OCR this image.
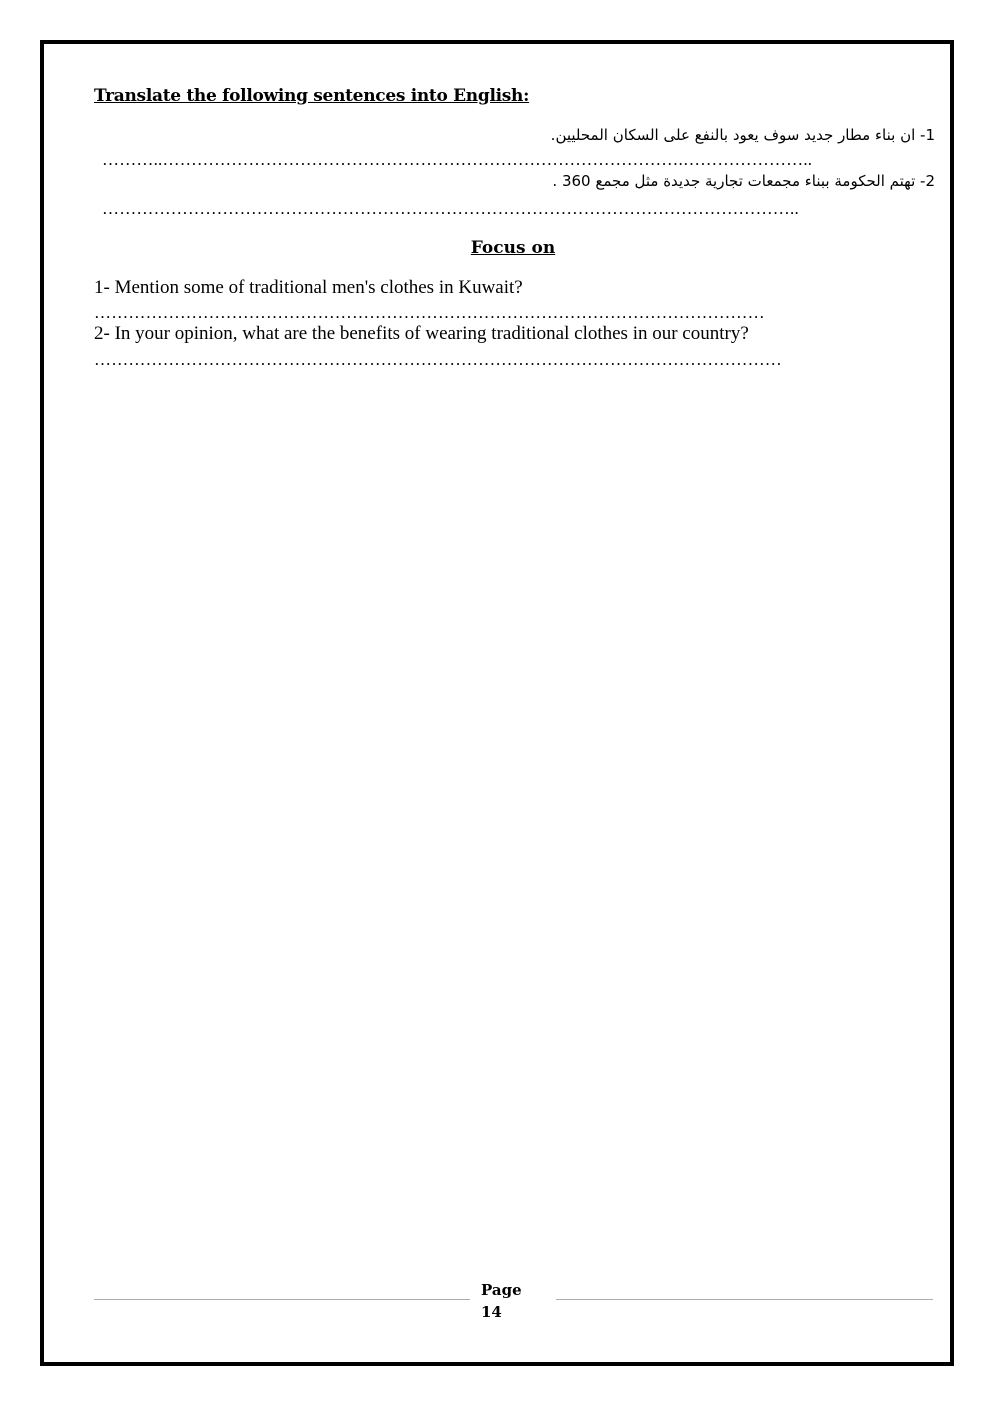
Translate the following sentences into English:
1- ان بناء مطار جديد سوف يعود بالنفع على السكان المحليين.
………..……………………………………………………………………………….…………………..
2- تهتم الحكومة ببناء مجمعات تجارية جديدة مثل مجمع 360 .
…………………………………………………………………………………………………………..
Focus on
1- Mention some of traditional men's clothes in Kuwait?
………………………………………………………………………………………………………
2- In your opinion, what are the benefits of wearing traditional clothes in our country?
…………………………………………………………………………………………………………
Page
14
